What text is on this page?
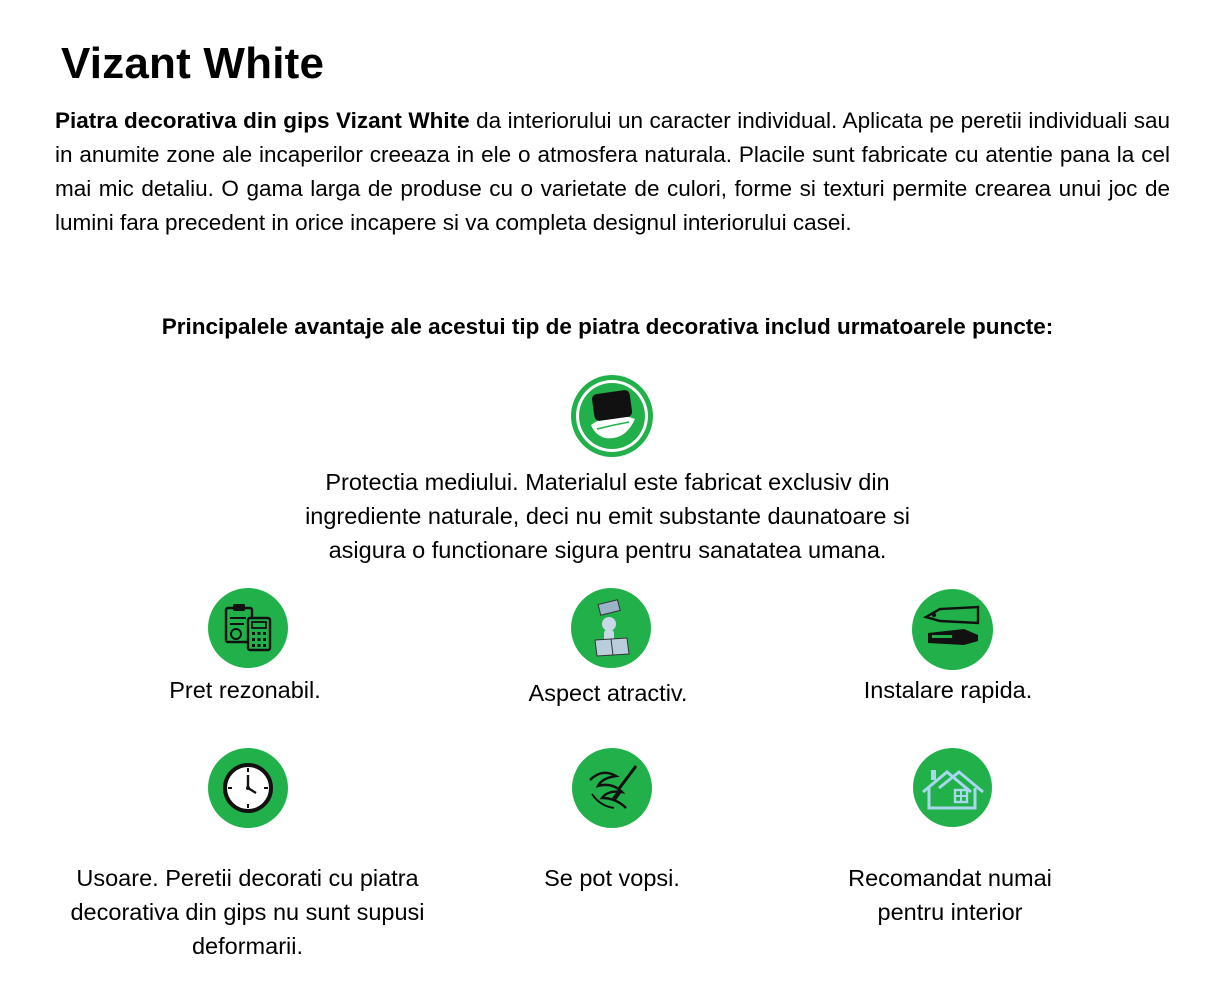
Vizant White

Piatra decorativa din gips Vizant White da interiorului un caracter individual. Aplicata pe peretii individuali sau in anumite zone ale incaperilor creeaza in ele o atmosfera naturala. Placile sunt fabricate cu atentie pana la cel mai mic detaliu. O gama larga de produse cu o varietate de culori, forme si texturi permite crearea unui joc de lumini fara precedent in orice incapere si va completa designul interiorului casei.

Principalele avantaje ale acestui tip de piatra decorativa includ urmatoarele puncte:

Protectia mediului. Materialul este fabricat exclusiv din
ingrediente naturale, deci nu emit substante daunatoare si
asigura o functionare sigura pentru sanatatea umana.

Pret rezonabil.	Aspect atractiv.	Instalare rapida.

Usoare. Peretii decorati cu piatra
decorativa din gips nu sunt supusi
deformarii.

Se pot vopsi.	Recomandat numai
pentru interior
